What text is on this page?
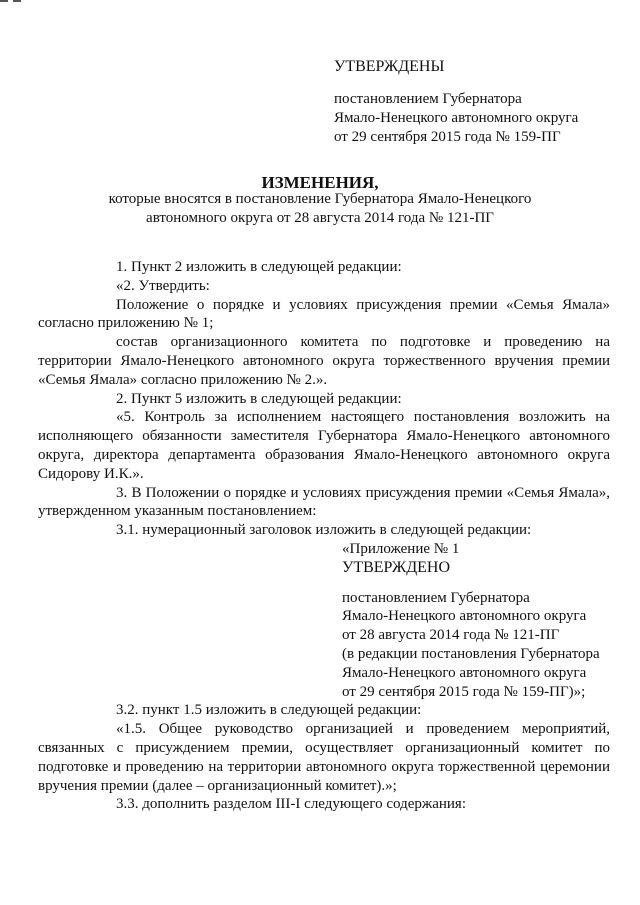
УТВЕРЖДЕНЫ
постановлением Губернатора
Ямало-Ненецкого автономного округа
от 29 сентября 2015 года № 159-ПГ
ИЗМЕНЕНИЯ,
которые вносятся в постановление Губернатора Ямало-Ненецкого
автономного округа от 28 августа 2014 года № 121-ПГ

1. Пункт 2 изложить в следующей редакции:

«2. Утвердить:

Положение о порядке и условиях присуждения премии «Семья Ямала» согласно приложению № 1;

состав организационного комитета по подготовке и проведению на территории Ямало-Ненецкого автономного округа торжественного вручения премии «Семья Ямала» согласно приложению № 2.».

2. Пункт 5 изложить в следующей редакции:

«5. Контроль за исполнением настоящего постановления возложить на исполняющего обязанности заместителя Губернатора Ямало-Ненецкого автономного округа, директора департамента образования Ямало-Ненецкого автономного округа Сидорову И.К.».

3. В Положении о порядке и условиях присуждения премии «Семья Ямала», утвержденном указанным постановлением:

3.1. нумерационный заголовок изложить в следующей редакции:

«Приложение № 1
УТВЕРЖДЕНО
постановлением Губернатора
Ямало-Ненецкого автономного округа
от 28 августа 2014 года № 121-ПГ
(в редакции постановления Губернатора
Ямало-Ненецкого автономного округа
от 29 сентября 2015 года № 159-ПГ)»;

3.2. пункт 1.5 изложить в следующей редакции:

«1.5. Общее руководство организацией и проведением мероприятий, связанных с присуждением премии, осуществляет организационный комитет по подготовке и проведению на территории автономного округа торжественной церемонии вручения премии (далее – организационный комитет).»;

3.3. дополнить разделом III-I следующего содержания:
